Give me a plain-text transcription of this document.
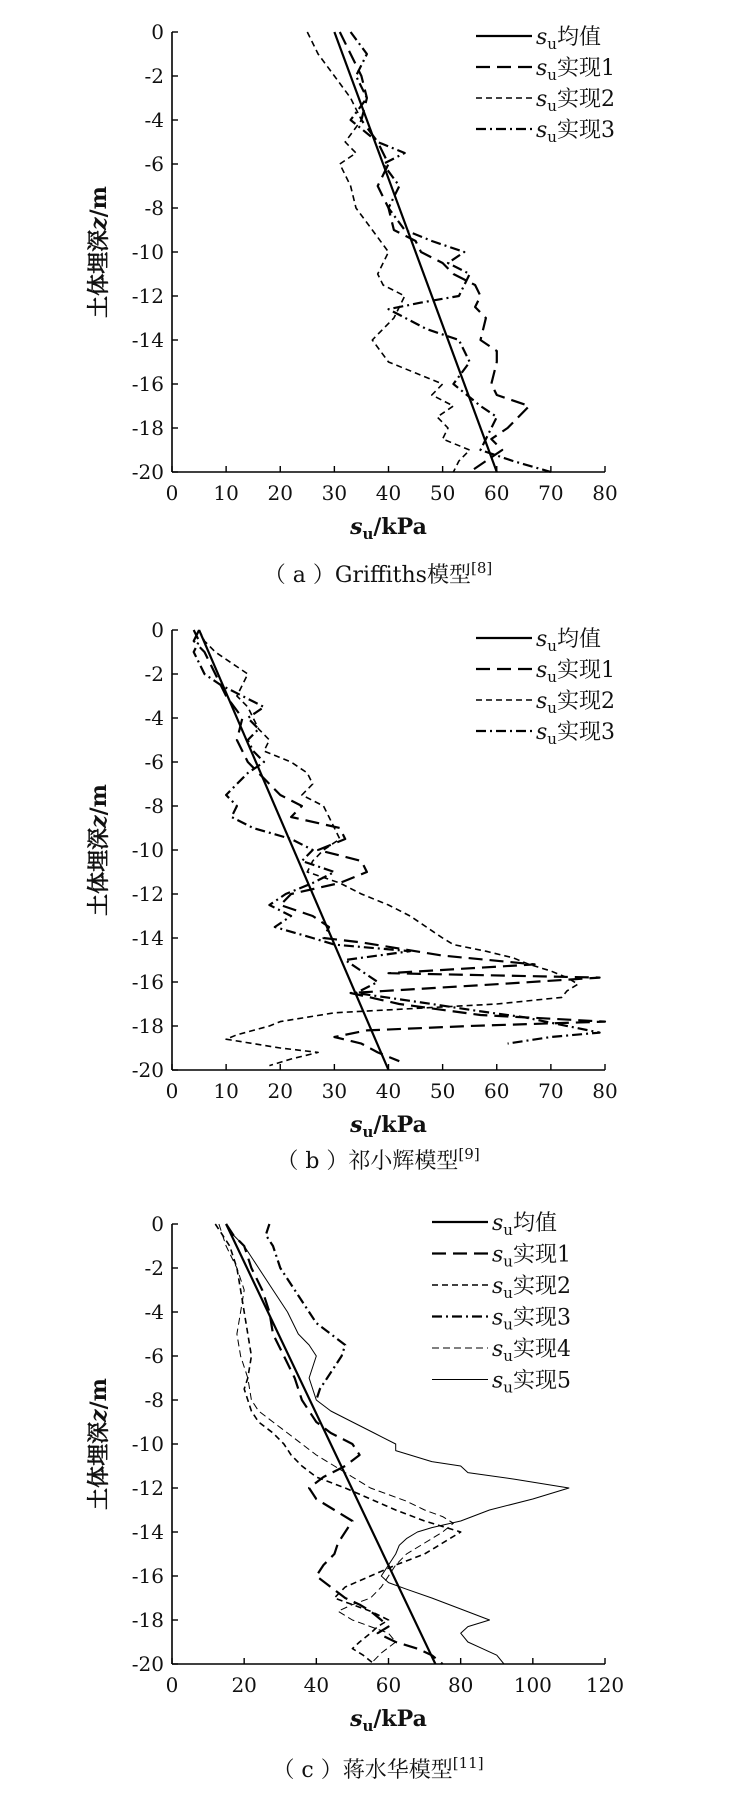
0
-2
-4
-6
-8
-10
-12
-14
-16
-18
-20
0 10 20 30 40 50 60 70 80
$s_u$/kPa
土体埋深z/m
$s_u$均值
$s_u$实现1
$s_u$实现2
$s_u$实现3
（ a ）Griffiths模型[8]
0
-2
-4
-6
-8
-10
-12
-14
-16
-18
-20
0 10 20 30 40 50 60 70 80
$s_u$/kPa
土体埋深z/m
$s_u$均值
$s_u$实现1
$s_u$实现2
$s_u$实现3
（ b ）祁小辉模型[9]
0
-2
-4
-6
-8
-10
-12
-14
-16
-18
-20
0	20 40 60 80 100 120
$s_u$/kPa
土体埋深z/m
$s_u$均值
$s_u$实现1
$s_u$实现2
$s_u$实现3
$s_u$实现4
$s_u$实现5
（ c ）蒋水华模型[11]
